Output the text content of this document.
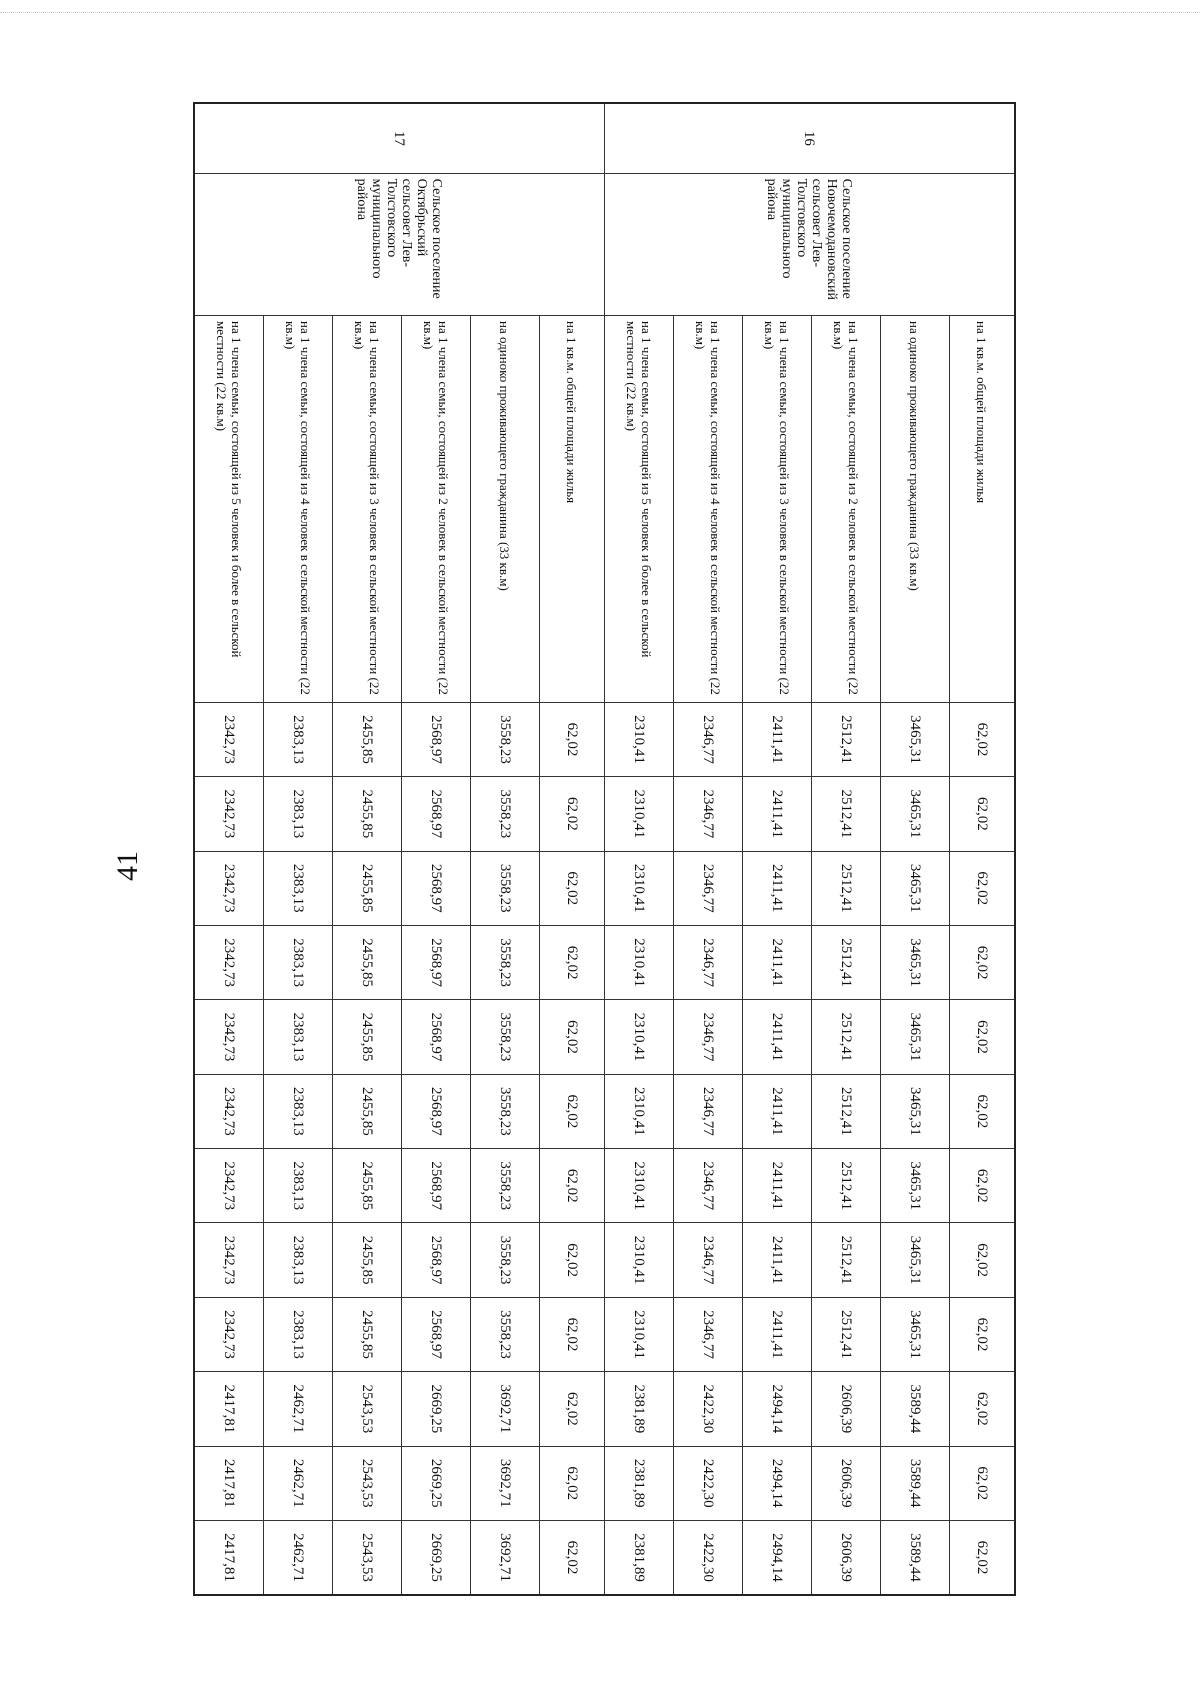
41
16	Сельское поселение Новочемодановский сельсовет Лев-Толстовского муниципального района	на 1 кв.м. общей площади жилья	62,02	62,02	62,02	62,02	62,02	62,02	62,02	62,02	62,02	62,02	62,02	62,02
		на одиноко проживающего гражданина (33 кв.м)	3465,31	3465,31	3465,31	3465,31	3465,31	3465,31	3465,31	3465,31	3465,31	3589,44	3589,44	3589,44
		на 1 члена семьи, состоящей из 2 человек в сельской местности (22 кв.м)	2512,41	2512,41	2512,41	2512,41	2512,41	2512,41	2512,41	2512,41	2512,41	2606,39	2606,39	2606,39
		на 1 члена семьи, состоящей из 3 человек в сельской местности (22 кв.м)	2411,41	2411,41	2411,41	2411,41	2411,41	2411,41	2411,41	2411,41	2411,41	2494,14	2494,14	2494,14
		на 1 члена семьи, состоящей из 4 человек в сельской местности (22 кв.м)	2346,77	2346,77	2346,77	2346,77	2346,77	2346,77	2346,77	2346,77	2346,77	2422,30	2422,30	2422,30
		на 1 члена семьи, состоящей из 5 человек и более в сельской местности (22 кв.м)	2310,41	2310,41	2310,41	2310,41	2310,41	2310,41	2310,41	2310,41	2310,41	2381,89	2381,89	2381,89
17	Сельское поселение Октябрьский сельсовет Лев-Толстовского муниципального района	на 1 кв.м. общей площади жилья	62,02	62,02	62,02	62,02	62,02	62,02	62,02	62,02	62,02	62,02	62,02	62,02
		на одиноко проживающего гражданина (33 кв.м)	3558,23	3558,23	3558,23	3558,23	3558,23	3558,23	3558,23	3558,23	3558,23	3692,71	3692,71	3692,71
		на 1 члена семьи, состоящей из 2 человек в сельской местности (22 кв.м)	2568,97	2568,97	2568,97	2568,97	2568,97	2568,97	2568,97	2568,97	2568,97	2669,25	2669,25	2669,25
		на 1 члена семьи, состоящей из 3 человек в сельской местности (22 кв.м)	2455,85	2455,85	2455,85	2455,85	2455,85	2455,85	2455,85	2455,85	2455,85	2543,53	2543,53	2543,53
		на 1 члена семьи, состоящей из 4 человек в сельской местности (22 кв.м)	2383,13	2383,13	2383,13	2383,13	2383,13	2383,13	2383,13	2383,13	2383,13	2462,71	2462,71	2462,71
		на 1 члена семьи, состоящей из 5 человек и более в сельской местности (22 кв.м)	2342,73	2342,73	2342,73	2342,73	2342,73	2342,73	2342,73	2342,73	2342,73	2417,81	2417,81	2417,81
